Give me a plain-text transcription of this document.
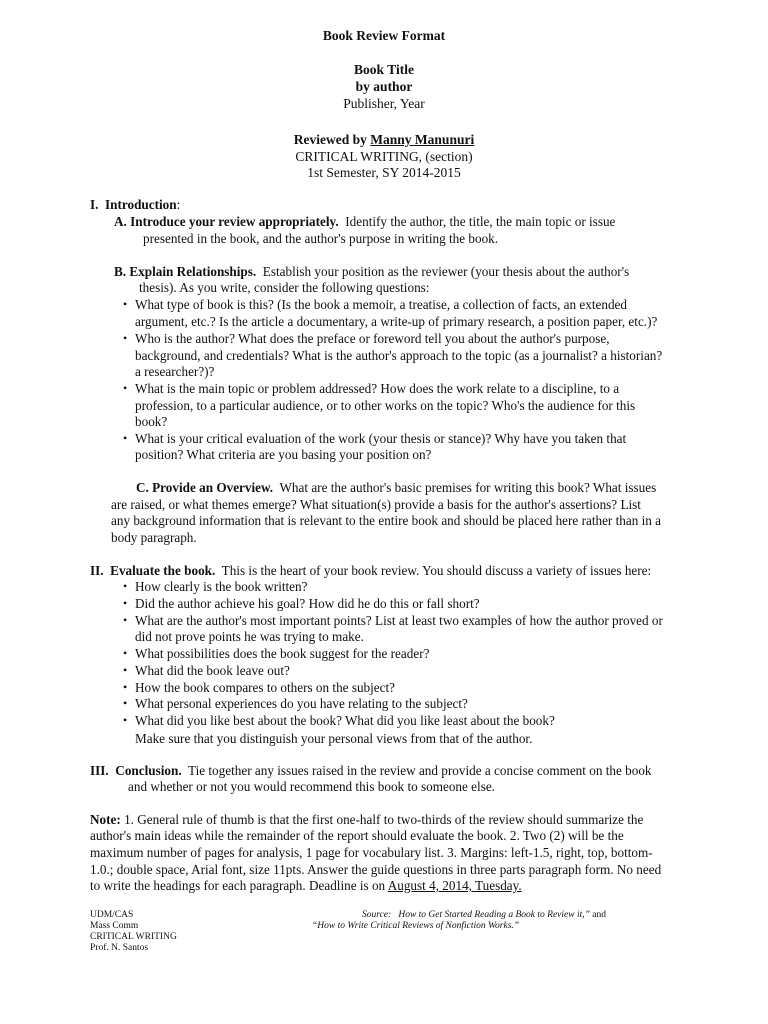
Book Review Format
Book Title
by author
Publisher, Year
Reviewed by Manny Manunuri
CRITICAL WRITING, (section)
1st Semester, SY 2014-2015
I. Introduction:
A. Introduce your review appropriately. Identify the author, the title, the main topic or issue
presented in the book, and the author's purpose in writing the book.
B. Explain Relationships. Establish your position as the reviewer (your thesis about the author's
thesis). As you write, consider the following questions:
• What type of book is this? (Is the book a memoir, a treatise, a collection of facts, an extended
argument, etc.? Is the article a documentary, a write-up of primary research, a position paper, etc.)?
• Who is the author? What does the preface or foreword tell you about the author's purpose,
background, and credentials? What is the author's approach to the topic (as a journalist? a historian?
a researcher?)?
• What is the main topic or problem addressed? How does the work relate to a discipline, to a
profession, to a particular audience, or to other works on the topic? Who's the audience for this
book?
• What is your critical evaluation of the work (your thesis or stance)? Why have you taken that
position? What criteria are you basing your position on?
C. Provide an Overview. What are the author's basic premises for writing this book? What issues
are raised, or what themes emerge? What situation(s) provide a basis for the author's assertions? List
any background information that is relevant to the entire book and should be placed here rather than in a
body paragraph.
II. Evaluate the book. This is the heart of your book review. You should discuss a variety of issues here:
• How clearly is the book written?
• Did the author achieve his goal? How did he do this or fall short?
• What are the author's most important points? List at least two examples of how the author proved or
did not prove points he was trying to make.
• What possibilities does the book suggest for the reader?
• What did the book leave out?
• How the book compares to others on the subject?
• What personal experiences do you have relating to the subject?
• What did you like best about the book? What did you like least about the book?
Make sure that you distinguish your personal views from that of the author.
III. Conclusion. Tie together any issues raised in the review and provide a concise comment on the book
and whether or not you would recommend this book to someone else.
Note: 1. General rule of thumb is that the first one-half to two-thirds of the review should summarize the
author's main ideas while the remainder of the report should evaluate the book. 2. Two (2) will be the
maximum number of pages for analysis, 1 page for vocabulary list. 3. Margins: left-1.5, right, top, bottom-
1.0.; double space, Arial font, size 11pts. Answer the guide questions in three parts paragraph form. No need
to write the headings for each paragraph. Deadline is on August 4, 2014, Tuesday.
UDM/CAS
Mass Comm
CRITICAL WRITING
Prof. N. Santos
Source: How to Get Started Reading a Book to Review it,” and
“How to Write Critical Reviews of Nonfiction Works.”
